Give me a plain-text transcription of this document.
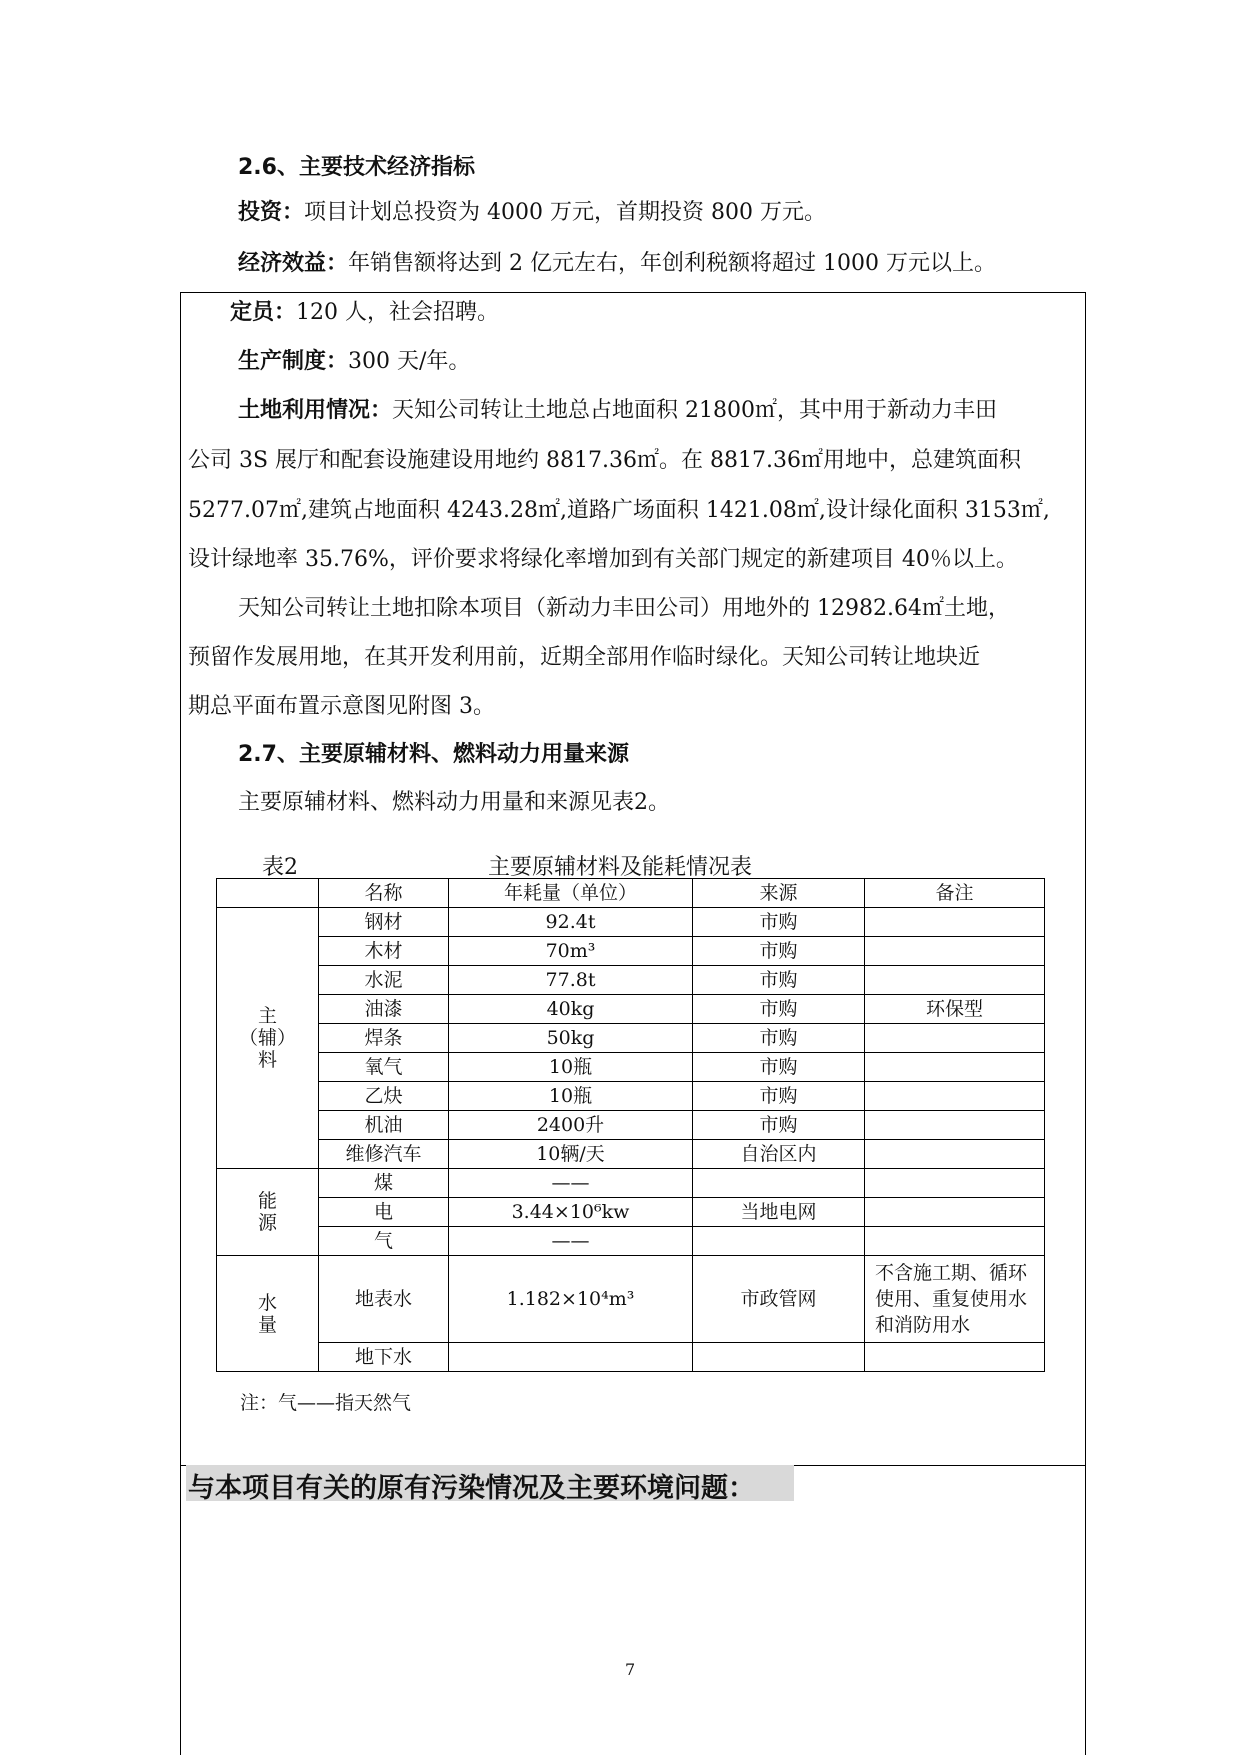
2.6、主要技术经济指标
投资：项目计划总投资为 4000 万元，首期投资 800 万元。
经济效益：年销售额将达到 2 亿元左右，年创利税额将超过 1000 万元以上。
定员：120 人，社会招聘。
生产制度：300 天/年。
土地利用情况：天知公司转让土地总占地面积 21800㎡，其中用于新动力丰田
公司 3S 展厅和配套设施建设用地约 8817.36㎡。在 8817.36㎡用地中，总建筑面积
5277.07㎡,建筑占地面积 4243.28㎡,道路广场面积 1421.08㎡,设计绿化面积 3153㎡,
设计绿地率 35.76%，评价要求将绿化率增加到有关部门规定的新建项目 40％以上。
天知公司转让土地扣除本项目（新动力丰田公司）用地外的 12982.64㎡土地，
预留作发展用地，在其开发利用前，近期全部用作临时绿化。天知公司转让地块近
期总平面布置示意图见附图 3。
2.7、主要原辅材料、燃料动力用量来源
主要原辅材料、燃料动力用量和来源见表2。
表2	主要原辅材料及能耗情况表
	名称	年耗量（单位）	来源	备注

主
（辅）
料	钢材	92.4t	市购	
	木材	70m³	市购	
	水泥	77.8t	市购	
	油漆	40kg	市购	环保型
	焊条	50kg	市购	
	氧气	10瓶	市购	
	乙炔	10瓶	市购	
	机油	2400升	市购	
	维修汽车	10辆/天	自治区内	

能
源	煤	——		
	电	3.44×10⁶kw	当地电网	
	气	——		

水
量	地表水	1.182×10⁴m³	市政管网	不含施工期、循环使用、重复使用水和消防用水
	地下水			
注：气——指天然气
与本项目有关的原有污染情况及主要环境问题：
7
